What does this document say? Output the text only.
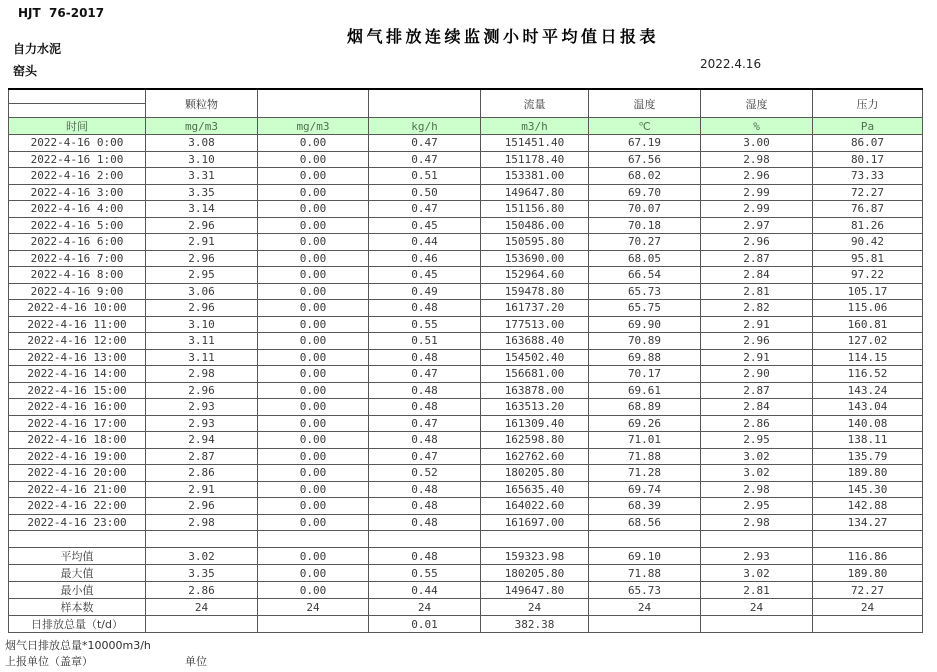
HJT  76-2017
烟气排放连续监测小时平均值日报表
自力水泥
窑头	2022.4.16
	颗粒物			流量	温度	湿度	压力

时间	mg/m3	mg/m3	kg/h	m3/h	℃	%	Pa
2022-4-16 0:00	3.08	0.00	0.47	151451.40	67.19	3.00	86.07
2022-4-16 1:00	3.10	0.00	0.47	151178.40	67.56	2.98	80.17
2022-4-16 2:00	3.31	0.00	0.51	153381.00	68.02	2.96	73.33
2022-4-16 3:00	3.35	0.00	0.50	149647.80	69.70	2.99	72.27
2022-4-16 4:00	3.14	0.00	0.47	151156.80	70.07	2.99	76.87
2022-4-16 5:00	2.96	0.00	0.45	150486.00	70.18	2.97	81.26
2022-4-16 6:00	2.91	0.00	0.44	150595.80	70.27	2.96	90.42
2022-4-16 7:00	2.96	0.00	0.46	153690.00	68.05	2.87	95.81
2022-4-16 8:00	2.95	0.00	0.45	152964.60	66.54	2.84	97.22
2022-4-16 9:00	3.06	0.00	0.49	159478.80	65.73	2.81	105.17
2022-4-16 10:00	2.96	0.00	0.48	161737.20	65.75	2.82	115.06
2022-4-16 11:00	3.10	0.00	0.55	177513.00	69.90	2.91	160.81
2022-4-16 12:00	3.11	0.00	0.51	163688.40	70.89	2.96	127.02
2022-4-16 13:00	3.11	0.00	0.48	154502.40	69.88	2.91	114.15
2022-4-16 14:00	2.98	0.00	0.47	156681.00	70.17	2.90	116.52
2022-4-16 15:00	2.96	0.00	0.48	163878.00	69.61	2.87	143.24
2022-4-16 16:00	2.93	0.00	0.48	163513.20	68.89	2.84	143.04
2022-4-16 17:00	2.93	0.00	0.47	161309.40	69.26	2.86	140.08
2022-4-16 18:00	2.94	0.00	0.48	162598.80	71.01	2.95	138.11
2022-4-16 19:00	2.87	0.00	0.47	162762.60	71.88	3.02	135.79
2022-4-16 20:00	2.86	0.00	0.52	180205.80	71.28	3.02	189.80
2022-4-16 21:00	2.91	0.00	0.48	165635.40	69.74	2.98	145.30
2022-4-16 22:00	2.96	0.00	0.48	164022.60	68.39	2.95	142.88
2022-4-16 23:00	2.98	0.00	0.48	161697.00	68.56	2.98	134.27

平均值	3.02	0.00	0.48	159323.98	69.10	2.93	116.86
最大值	3.35	0.00	0.55	180205.80	71.88	3.02	189.80
最小值	2.86	0.00	0.44	149647.80	65.73	2.81	72.27
样本数	24	24	24	24	24	24	24
日排放总量（t/d）			0.01	382.38			
烟气日排放总量*10000m3/h
上报单位（盖章）	单位
